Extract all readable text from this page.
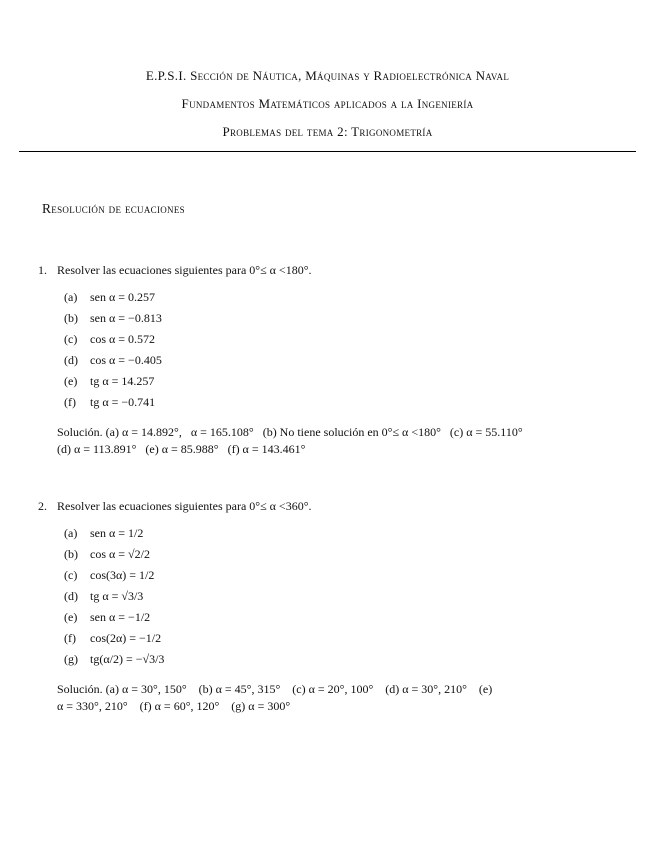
E.P.S.I. Sección de Náutica, Máquinas y Radioelectrónica Naval
Fundamentos Matemáticos aplicados a la Ingeniería
Problemas del tema 2: Trigonometría
Resolución de ecuaciones
1. Resolver las ecuaciones siguientes para 0°≤ α <180°.
(a)	sen α = 0.257
(b)	sen α = −0.813
(c)	cos α = 0.572
(d)	cos α = −0.405
(e)	tg α = 14.257
(f)	tg α = −0.741
Solución. (a) α = 14.892°,   α = 165.108°   (b) No tiene solución en 0°≤ α <180°   (c) α = 55.110°
(d) α = 113.891°   (e) α = 85.988°   (f) α = 143.461°
2. Resolver las ecuaciones siguientes para 0°≤ α <360°.
(a)	sen α = 1/2
(b)	cos α = √2/2
(c)	cos(3α) = 1/2
(d)	tg α = √3/3
(e)	sen α = −1/2
(f)	cos(2α) = −1/2
(g)	tg(α/2) = −√3/3
Solución. (a) α = 30°, 150°    (b) α = 45°, 315°    (c) α = 20°, 100°    (d) α = 30°, 210°    (e)
α = 330°, 210°    (f) α = 60°, 120°    (g) α = 300°
